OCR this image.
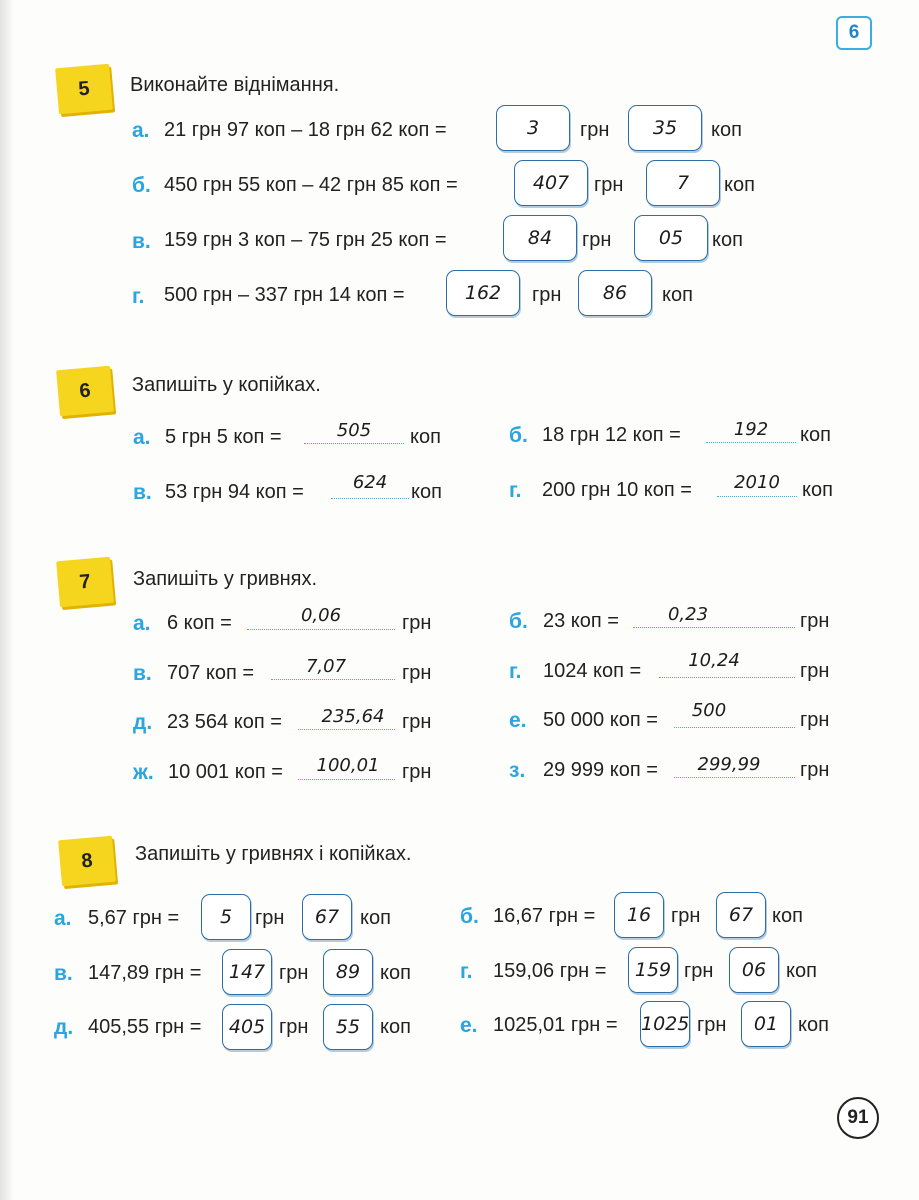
6
5	Виконайте віднімання.
а. 21 грн 97 коп – 18 грн 62 коп =	3	грн	35	коп
б. 450 грн 55 коп – 42 грн 85 коп =	407	грн	7	коп
в. 159 грн 3 коп – 75 грн 25 коп =	84	грн	05	коп
г. 500 грн – 337 грн 14 коп =	162	грн	86	коп
6	Запишіть у копійках.
а. 5 грн 5 коп =	505	коп	б. 18 грн 12 коп =	192	коп
в. 53 грн 94 коп =	624	коп	г. 200 грн 10 коп =	2010	коп
7	Запишіть у гривнях.
а. 6 коп =	0,06	грн	б. 23 коп =	0,23	грн
в. 707 коп =	7,07	грн	г. 1024 коп =	10,24	грн
д. 23 564 коп =	235,64 грн	е. 50 000 коп =	500	грн
ж. 10 001 коп =	100,01	грн	з. 29 999 коп =	299,99	грн
8	Запишіть у гривнях і копійках.
а. 5,67 грн =	5	грн	67	коп	б. 16,67 грн =	16 грн	67 коп
в. 147,89 грн =	147 грн	89 коп г. 159,06 грн =	159 грн	06 коп
д. 405,55 грн =	405 грн	55 коп е. 1025,01 грн = 1025 грн	01 коп
91
